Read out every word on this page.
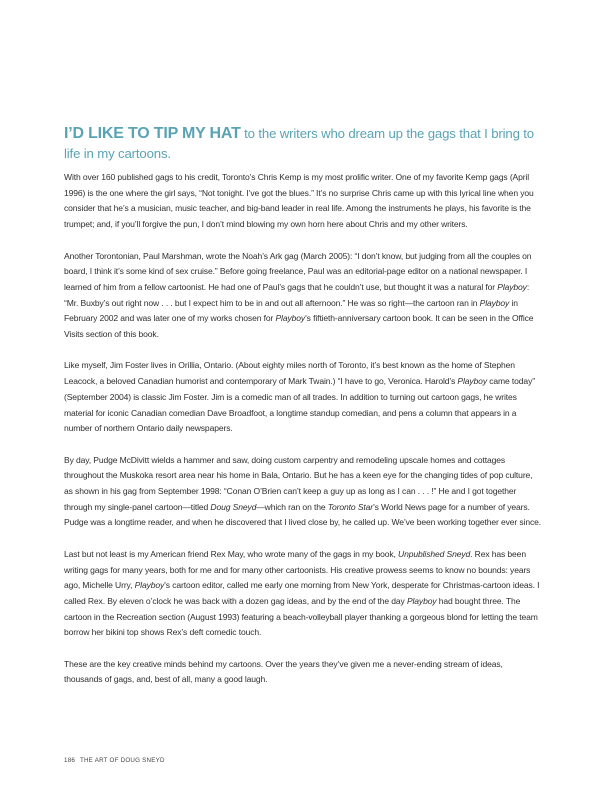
I’D LIKE TO TIP MY HAT to the writers who dream up the gags that I bring to life in my cartoons.

With over 160 published gags to his credit, Toronto’s Chris Kemp is my most prolific writer. One of my favorite Kemp gags (April 1996) is the one where the girl says, “Not tonight. I’ve got the blues.” It’s no surprise Chris came up with this lyrical line when you consider that he’s a musician, music teacher, and big-band leader in real life. Among the instruments he plays, his favorite is the trumpet; and, if you’ll forgive the pun, I don’t mind blowing my own horn here about Chris and my other writers.

Another Torontonian, Paul Marshman, wrote the Noah’s Ark gag (March 2005): “I don’t know, but judging from all the couples on board, I think it’s some kind of sex cruise.” Before going freelance, Paul was an editorial-page editor on a national newspaper. I learned of him from a fellow cartoonist. He had one of Paul’s gags that he couldn’t use, but thought it was a natural for Playboy: “Mr. Buxby’s out right now . . . but I expect him to be in and out all afternoon.” He was so right—the cartoon ran in Playboy in February 2002 and was later one of my works chosen for Playboy’s fiftieth-anniversary cartoon book. It can be seen in the Office Visits section of this book.

Like myself, Jim Foster lives in Orillia, Ontario. (About eighty miles north of Toronto, it’s best known as the home of Stephen Leacock, a beloved Canadian humorist and contemporary of Mark Twain.) “I have to go, Veronica. Harold’s Playboy came today” (September 2004) is classic Jim Foster. Jim is a comedic man of all trades. In addition to turning out cartoon gags, he writes material for iconic Canadian comedian Dave Broadfoot, a longtime standup comedian, and pens a column that appears in a number of northern Ontario daily newspapers.

By day, Pudge McDivitt wields a hammer and saw, doing custom carpentry and remodeling upscale homes and cottages throughout the Muskoka resort area near his home in Bala, Ontario. But he has a keen eye for the changing tides of pop culture, as shown in his gag from September 1998: “Conan O’Brien can’t keep a guy up as long as I can . . . !” He and I got together through my single-panel cartoon—titled Doug Sneyd—which ran on the Toronto Star’s World News page for a number of years. Pudge was a longtime reader, and when he discovered that I lived close by, he called up. We’ve been working together ever since.

Last but not least is my American friend Rex May, who wrote many of the gags in my book, Unpublished Sneyd. Rex has been writing gags for many years, both for me and for many other cartoonists. His creative prowess seems to know no bounds: years ago, Michelle Urry, Playboy’s cartoon editor, called me early one morning from New York, desperate for Christmas-cartoon ideas. I called Rex. By eleven o’clock he was back with a dozen gag ideas, and by the end of the day Playboy had bought three. The cartoon in the Recreation section (August 1993) featuring a beach-volleyball player thanking a gorgeous blond for letting the team borrow her bikini top shows Rex’s deft comedic touch.

These are the key creative minds behind my cartoons. Over the years they’ve given me a never-ending stream of ideas, thousands of gags, and, best of all, many a good laugh.

186 THE ART OF DOUG SNEYD
